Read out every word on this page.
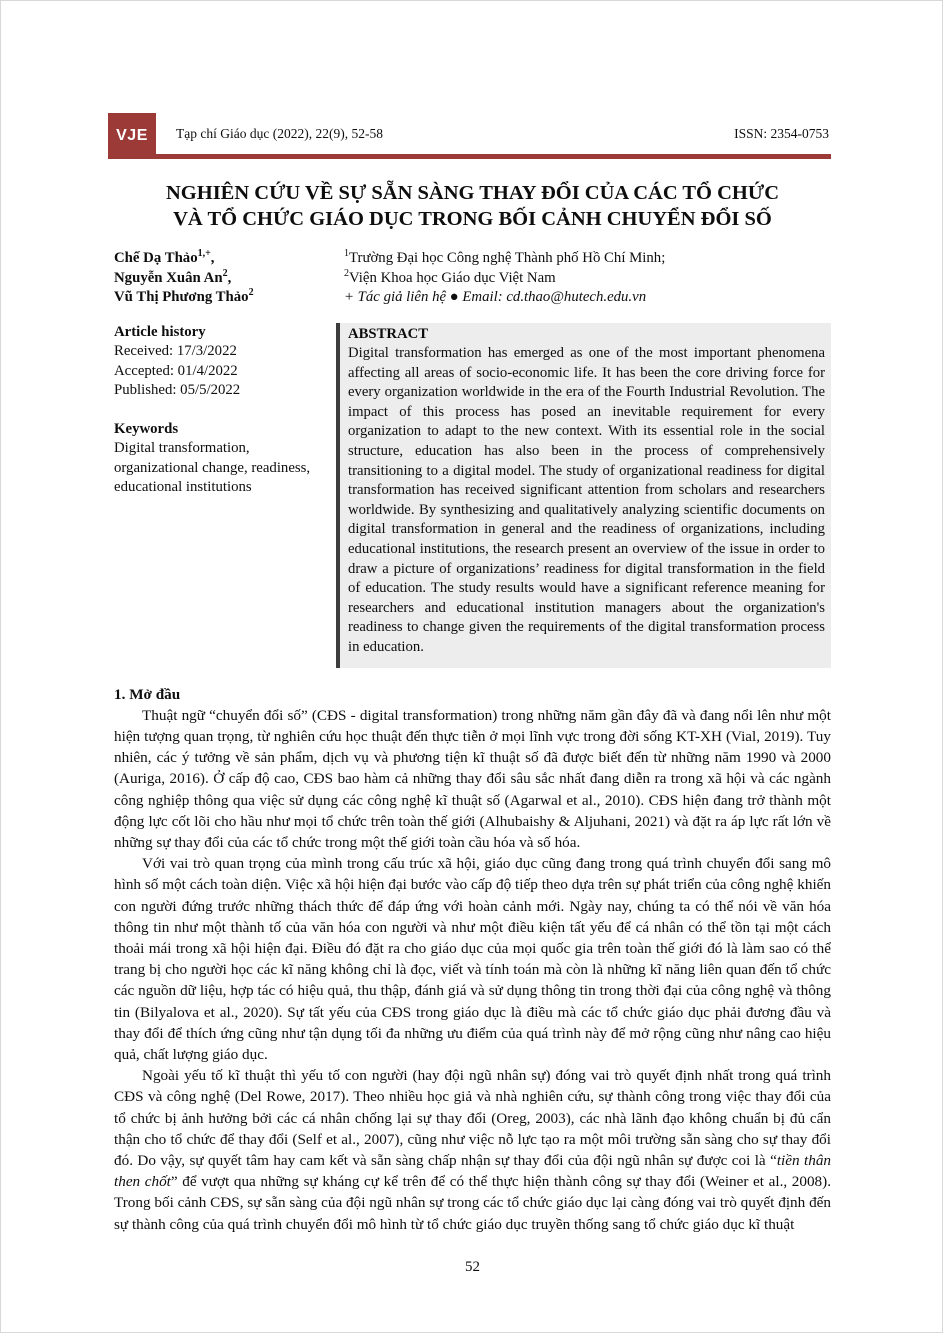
VJE	Tạp chí Giáo dục (2022), 22(9), 52-58	ISSN: 2354-0753
NGHIÊN CỨU VỀ SỰ SẴN SÀNG THAY ĐỔI CỦA CÁC TỔ CHỨC
VÀ TỔ CHỨC GIÁO DỤC TRONG BỐI CẢNH CHUYỂN ĐỔI SỐ
Chế Dạ Thảo$^{1,+}$,
Nguyễn Xuân An$^2$,
Vũ Thị Phương Thảo$^2$
$^1$Trường Đại học Công nghệ Thành phố Hồ Chí Minh;
$^2$Viện Khoa học Giáo dục Việt Nam
+ Tác giả liên hệ ● Email: cd.thao@hutech.edu.vn
Article history
Received: 17/3/2022
Accepted: 01/4/2022
Published: 05/5/2022
Keywords
Digital transformation, organizational change, readiness, educational institutions
ABSTRACT
Digital transformation has emerged as one of the most important phenomena affecting all areas of socio-economic life. It has been the core driving force for every organization worldwide in the era of the Fourth Industrial Revolution. The impact of this process has posed an inevitable requirement for every organization to adapt to the new context. With its essential role in the social structure, education has also been in the process of comprehensively transitioning to a digital model. The study of organizational readiness for digital transformation has received significant attention from scholars and researchers worldwide. By synthesizing and qualitatively analyzing scientific documents on digital transformation in general and the readiness of organizations, including educational institutions, the research present an overview of the issue in order to draw a picture of organizations’ readiness for digital transformation in the field of education. The study results would have a significant reference meaning for researchers and educational institution managers about the organization's readiness to change given the requirements of the digital transformation process in education.
1. Mở đầu

Thuật ngữ “chuyển đổi số” (CĐS - digital transformation) trong những năm gần đây đã và đang nổi lên như một hiện tượng quan trọng, từ nghiên cứu học thuật đến thực tiễn ở mọi lĩnh vực trong đời sống KT-XH (Vial, 2019). Tuy nhiên, các ý tưởng về sản phẩm, dịch vụ và phương tiện kĩ thuật số đã được biết đến từ những năm 1990 và 2000 (Auriga, 2016). Ở cấp độ cao, CĐS bao hàm cả những thay đổi sâu sắc nhất đang diễn ra trong xã hội và các ngành công nghiệp thông qua việc sử dụng các công nghệ kĩ thuật số (Agarwal et al., 2010). CĐS hiện đang trở thành một động lực cốt lõi cho hầu như mọi tổ chức trên toàn thế giới (Alhubaishy & Aljuhani, 2021) và đặt ra áp lực rất lớn về những sự thay đổi của các tổ chức trong một thế giới toàn cầu hóa và số hóa.

Với vai trò quan trọng của mình trong cấu trúc xã hội, giáo dục cũng đang trong quá trình chuyển đổi sang mô hình số một cách toàn diện. Việc xã hội hiện đại bước vào cấp độ tiếp theo dựa trên sự phát triển của công nghệ khiến con người đứng trước những thách thức để đáp ứng với hoàn cảnh mới. Ngày nay, chúng ta có thể nói về văn hóa thông tin như một thành tố của văn hóa con người và như một điều kiện tất yếu để cá nhân có thể tồn tại một cách thoải mái trong xã hội hiện đại. Điều đó đặt ra cho giáo dục của mọi quốc gia trên toàn thế giới đó là làm sao có thể trang bị cho người học các kĩ năng không chỉ là đọc, viết và tính toán mà còn là những kĩ năng liên quan đến tổ chức các nguồn dữ liệu, hợp tác có hiệu quả, thu thập, đánh giá và sử dụng thông tin trong thời đại của công nghệ và thông tin (Bilyalova et al., 2020). Sự tất yếu của CĐS trong giáo dục là điều mà các tổ chức giáo dục phải đương đầu và thay đổi để thích ứng cũng như tận dụng tối đa những ưu điểm của quá trình này để mở rộng cũng như nâng cao hiệu quả, chất lượng giáo dục.

Ngoài yếu tố kĩ thuật thì yếu tố con người (hay đội ngũ nhân sự) đóng vai trò quyết định nhất trong quá trình CĐS và công nghệ (Del Rowe, 2017). Theo nhiều học giả và nhà nghiên cứu, sự thành công trong việc thay đổi của tổ chức bị ảnh hưởng bởi các cá nhân chống lại sự thay đổi (Oreg, 2003), các nhà lãnh đạo không chuẩn bị đủ cẩn thận cho tổ chức để thay đổi (Self et al., 2007), cũng như việc nỗ lực tạo ra một môi trường sẵn sàng cho sự thay đổi đó. Do vậy, sự quyết tâm hay cam kết và sẵn sàng chấp nhận sự thay đổi của đội ngũ nhân sự được coi là “tiền thân then chốt” để vượt qua những sự kháng cự kể trên để có thể thực hiện thành công sự thay đổi (Weiner et al., 2008). Trong bối cảnh CĐS, sự sẵn sàng của đội ngũ nhân sự trong các tổ chức giáo dục lại càng đóng vai trò quyết định đến sự thành công của quá trình chuyển đổi mô hình từ tổ chức giáo dục truyền thống sang tổ chức giáo dục kĩ thuật

52
